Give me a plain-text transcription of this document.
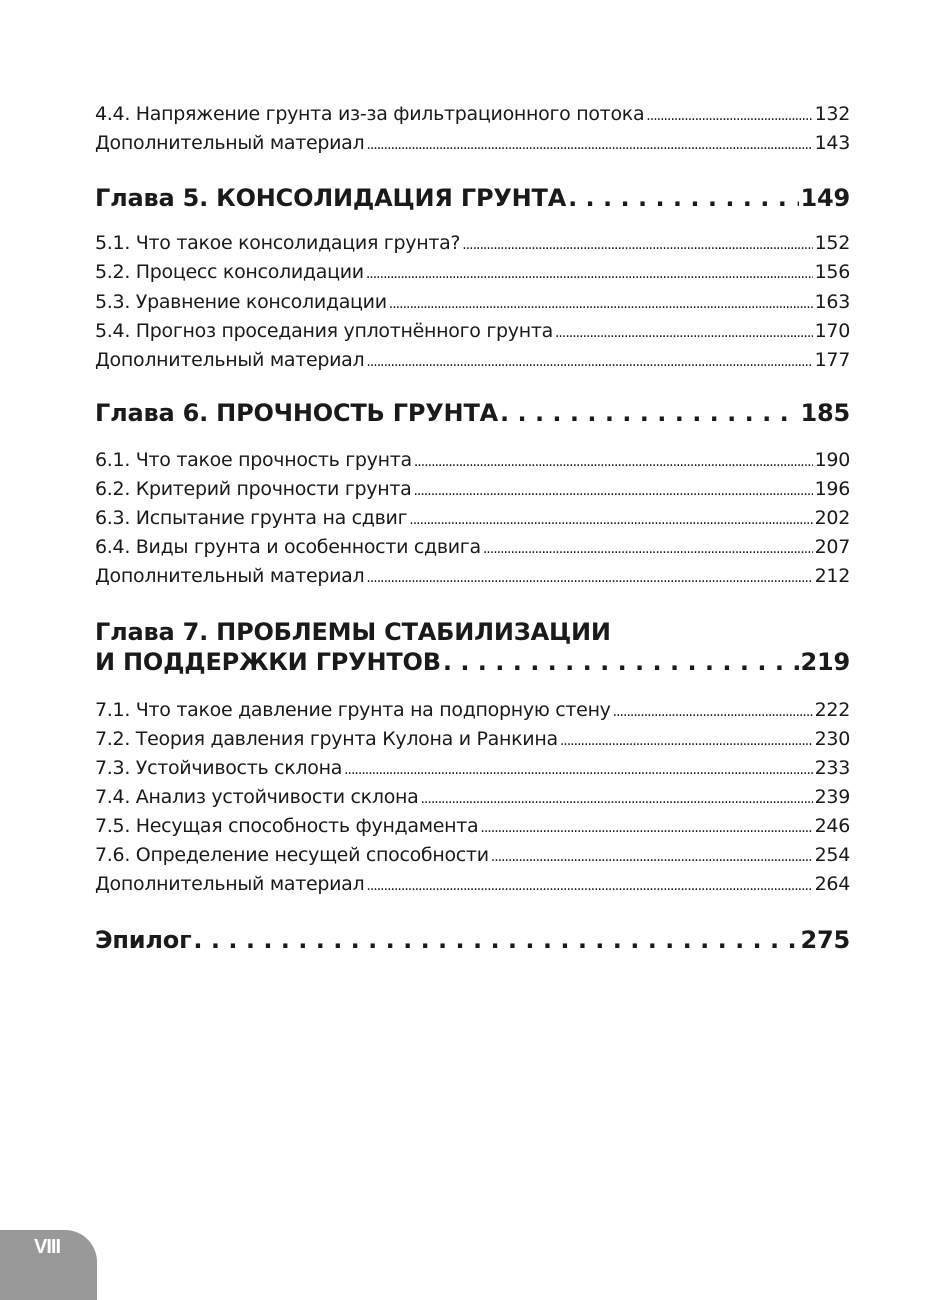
4.4. Напряжение грунта из-за фильтрационного потока .....	132
Дополнительный материал .....	143
Глава 5. КОНСОЛИДАЦИЯ ГРУНТА . . .	149
5.1. Что такое консолидация грунта? .....	152
5.2. Процесс консолидации .....	156
5.3. Уравнение консолидации .....	163
5.4. Прогноз проседания уплотнённого грунта .....	170
Дополнительный материал .....	177
Глава 6. ПРОЧНОСТЬ ГРУНТА . . .	185
6.1. Что такое прочность грунта .....	190
6.2. Критерий прочности грунта .....	196
6.3. Испытание грунта на сдвиг .....	202
6.4. Виды грунта и особенности сдвига .....	207
Дополнительный материал .....	212
Глава 7. ПРОБЛЕМЫ СТАБИЛИЗАЦИИ
И ПОДДЕРЖКИ ГРУНТОВ . . .	219
7.1. Что такое давление грунта на подпорную стену .....	222
7.2. Теория давления грунта Кулона и Ранкина .....	230
7.3. Устойчивость склона .....	233
7.4. Анализ устойчивости склона .....	239
7.5. Несущая способность фундамента .....	246
7.6. Определение несущей способности .....	254
Дополнительный материал .....	264
Эпилог . . .	275
VIII
